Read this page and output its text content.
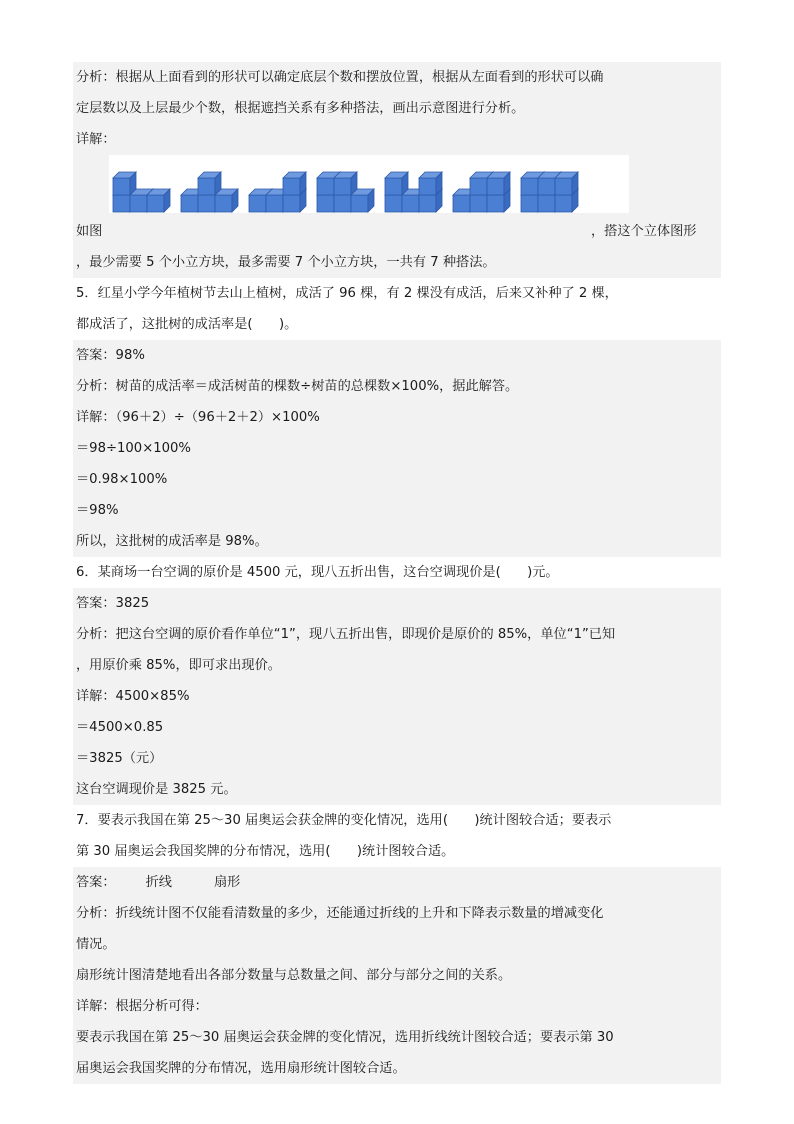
分析：根据从上面看到的形状可以确定底层个数和摆放位置，根据从左面看到的形状可以确
定层数以及上层最少个数，根据遮挡关系有多种搭法，画出示意图进行分析。
详解：
如图	，搭这个立体图形
，最少需要 5 个小立方块，最多需要 7 个小立方块，一共有 7 种搭法。
5．红星小学今年植树节去山上植树，成活了 96 棵，有 2 棵没有成活，后来又补种了 2 棵，
都成活了，这批树的成活率是(　　)。
答案：98%
分析：树苗的成活率＝成活树苗的棵数÷树苗的总棵数×100%，据此解答。
详解：（96＋2）÷（96＋2＋2）×100%
＝98÷100×100%
＝0.98×100%
＝98%
所以，这批树的成活率是 98%。
6．某商场一台空调的原价是 4500 元，现八五折出售，这台空调现价是(　　)元。
答案：3825
分析：把这台空调的原价看作单位“1”，现八五折出售，即现价是原价的 85%，单位“1”已知
，用原价乘 85%，即可求出现价。
详解：4500×85%
＝4500×0.85
＝3825（元）
这台空调现价是 3825 元。
7．要表示我国在第 25～30 届奥运会获金牌的变化情况，选用(　　)统计图较合适；要表示
第 30 届奥运会我国奖牌的分布情况，选用(　　)统计图较合适。
答案： 折线	扇形
分析：折线统计图不仅能看清数量的多少，还能通过折线的上升和下降表示数量的增减变化
情况。
扇形统计图清楚地看出各部分数量与总数量之间、部分与部分之间的关系。
详解：根据分析可得：
要表示我国在第 25～30 届奥运会获金牌的变化情况，选用折线统计图较合适；要表示第 30
届奥运会我国奖牌的分布情况，选用扇形统计图较合适。
